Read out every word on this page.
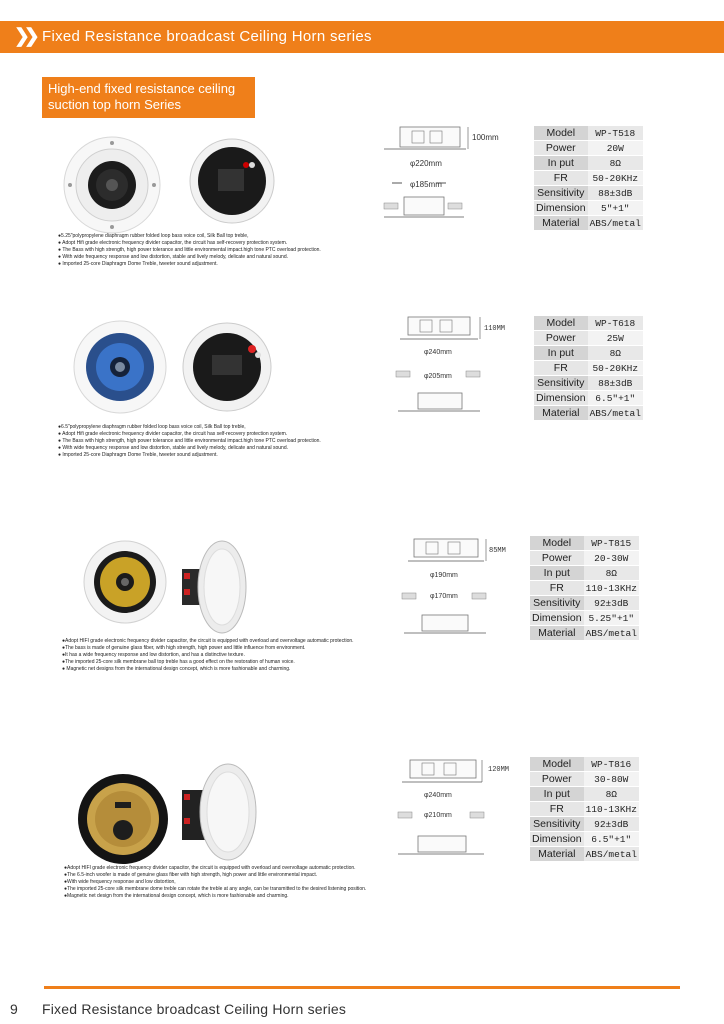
❯❯ Fixed Resistance broadcast Ceiling Horn series
High-end fixed resistance ceiling
suction top horn Series
100mm
φ220mm
φ185mm
Model	WP-T518
Power	20W
In put	8Ω
FR	50-20KHz
Sensitivity	88±3dB
Dimension	5"+1"
Material	ABS/metal
●5.25"polypropylene diaphragm rubber folded loop bass voice coil, Silk Ball top treble,
● Adopt Hifi grade electronic frequency divider capacitor, the circuit has self-recovery protection system.
● The Bass with high strength, high power tolerance and little environmental impact.high tone PTC overload protection.
● With wide frequency response and low distortion, stable and lively melody, delicate and natural sound.
● Imported 25-core Diaphragm Dome Treble, tweeter sound adjustment.
110MM
φ240mm
φ205mm
Model	WP-T618
Power	25W
In put	8Ω
FR	50-20KHz
Sensitivity	88±3dB
Dimension	6.5"+1"
Material	ABS/metal
●6.5"polypropylene diaphragm rubber folded loop bass voice coil, Silk Ball top treble,
● Adopt Hifi grade electronic frequency divider capacitor, the circuit has self-recovery protection system.
● The Bass with high strength, high power tolerance and little environmental impact.high tone PTC overload protection.
● With wide frequency response and low distortion, stable and lively melody, delicate and natural sound.
● Imported 25-core Diaphragm Dome Treble, tweeter sound adjustment.
85MM
φ190mm
φ170mm
Model	WP-T815
Power	20-30W
In put	8Ω
FR	110-13KHz
Sensitivity	92±3dB
Dimension	5.25"+1"
Material	ABS/metal
●Adopt HIFI grade electronic frequency divider capacitor, the circuit is equipped with overload and overvoltage automatic protection.
●The bass is made of genuine glass fiber, with high strength, high power and little influence from environment.
●It has a wide frequency response and low distortion, and has a distinctive texture.
●The imported 25-core silk membrane ball top treble has a good effect on the restoration of human voice.
● Magnetic net designs from the international design concept, which is more fashionable and charming.
120MM
φ240mm
φ210mm
Model	WP-T816
Power	30-80W
In put	8Ω
FR	110-13KHz
Sensitivity	92±3dB
Dimension	6.5"+1"
Material	ABS/metal
●Adopt HIFI grade electronic frequency divider capacitor, the circuit is equipped with overload and overvoltage automatic protection.
●The 6.5-inch woofer is made of genuine glass fiber with high strength, high power and little environmental impact.
●With wide frequency response and low distortion,
●The imported 25-core silk membrane dome treble can rotate the treble at any angle, can be transmitted to the desired listening position.
●Magnetic net design from the international design concept, which is more fashionable and charming.
9 Fixed Resistance broadcast Ceiling Horn series
